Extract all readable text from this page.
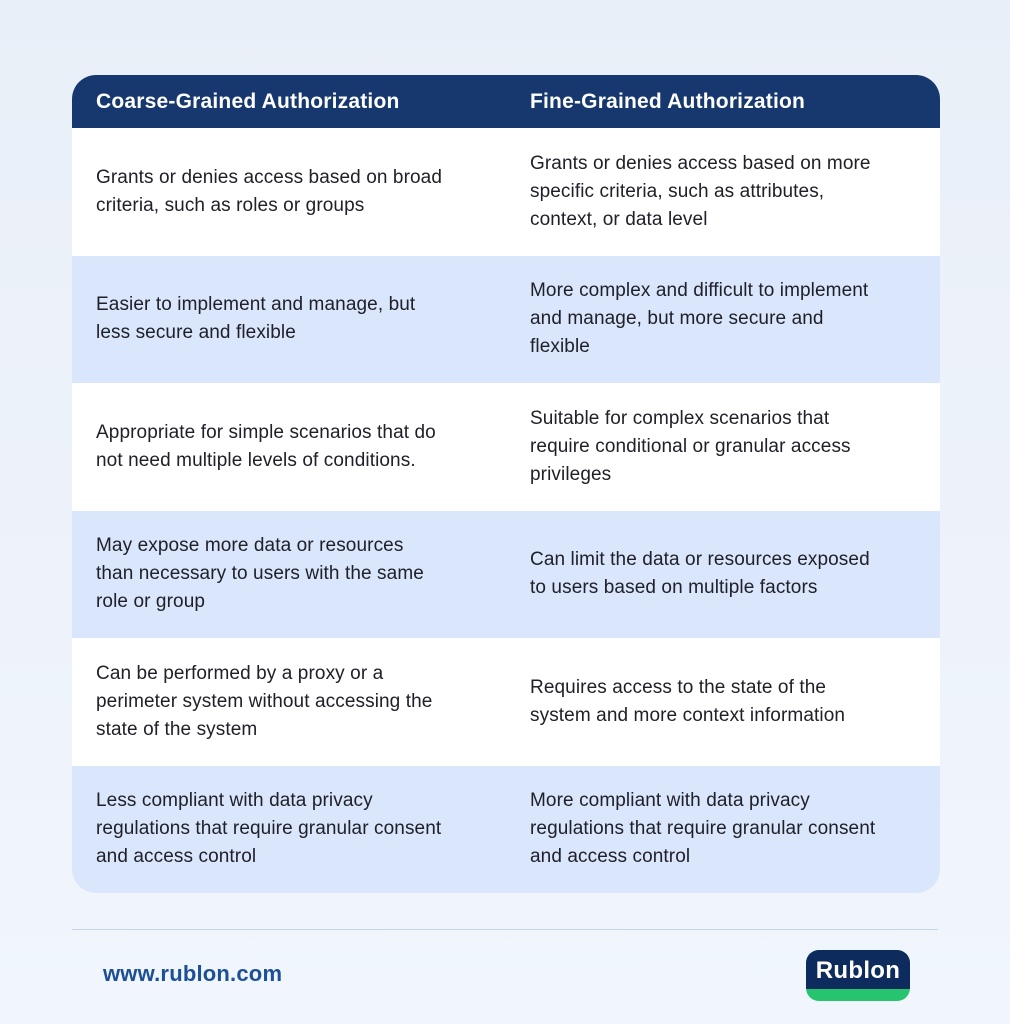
Coarse-Grained Authorization	Fine-Grained Authorization
Grants or denies access based on broad criteria, such as roles or groups
Grants or denies access based on more specific criteria, such as attributes, context, or data level
Easier to implement and manage, but less secure and flexible
More complex and difficult to implement and manage, but more secure and flexible
Appropriate for simple scenarios that do not need multiple levels of conditions.
Suitable for complex scenarios that require conditional or granular access privileges
May expose more data or resources than necessary to users with the same role or group
Can limit the data or resources exposed to users based on multiple factors
Can be performed by a proxy or a perimeter system without accessing the state of the system
Requires access to the state of the system and more context information
Less compliant with data privacy regulations that require granular consent and access control
More compliant with data privacy regulations that require granular consent and access control
www.rublon.com	Rublon
